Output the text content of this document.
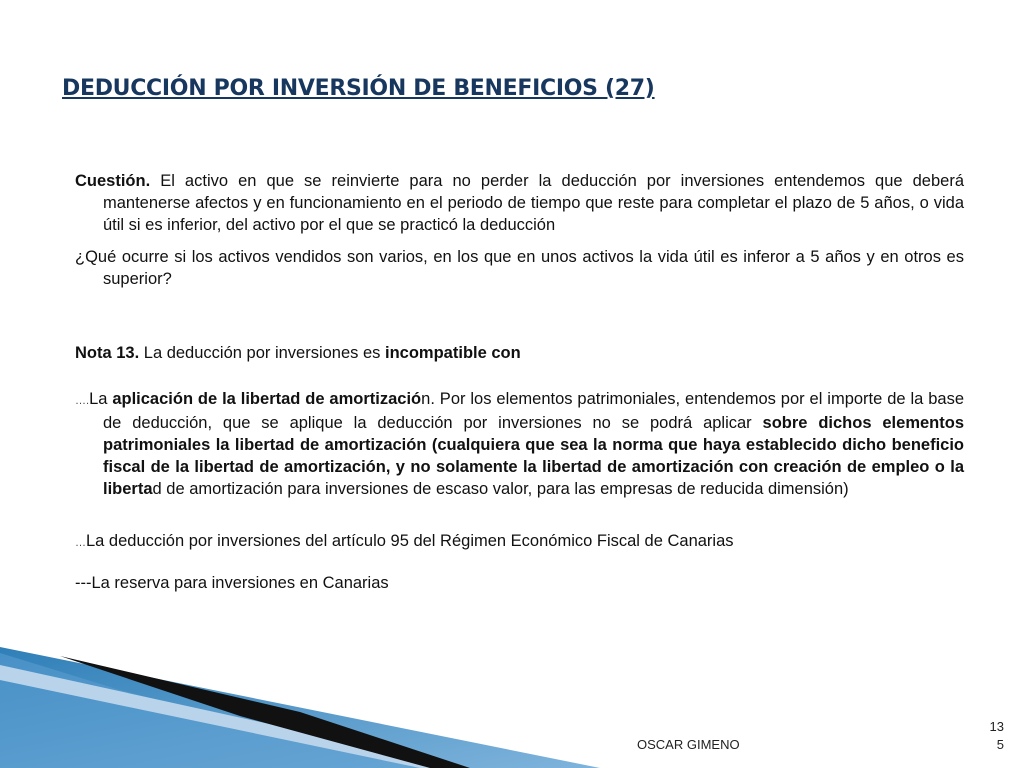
DEDUCCIÓN POR INVERSIÓN DE BENEFICIOS (27)
Cuestión. El activo en que se reinvierte para no perder la deducción por inversiones entendemos que deberá mantenerse afectos y en funcionamiento en el periodo de tiempo que reste para completar el plazo de 5 años, o vida útil si es inferior, del activo por el que se practicó la deducción
¿Qué ocurre si los activos vendidos son varios, en los que en unos activos la vida útil es inferor a 5 años y en otros es superior?
Nota 13. La deducción por inversiones es incompatible con
….La aplicación de la libertad de amortización. Por los elementos patrimoniales, entendemos por el importe de la base de deducción, que se aplique la deducción por inversiones no se podrá aplicar sobre dichos elementos patrimoniales la libertad de amortización (cualquiera que sea la norma que haya establecido dicho beneficio fiscal de la libertad de amortización, y no solamente la libertad de amortización con creación de empleo o la libertad de amortización para inversiones de escaso valor, para las empresas de reducida dimensión)
…La deducción por inversiones del artículo 95 del Régimen Económico Fiscal de Canarias
---La reserva para inversiones en Canarias
OSCAR GIMENO
13
5
